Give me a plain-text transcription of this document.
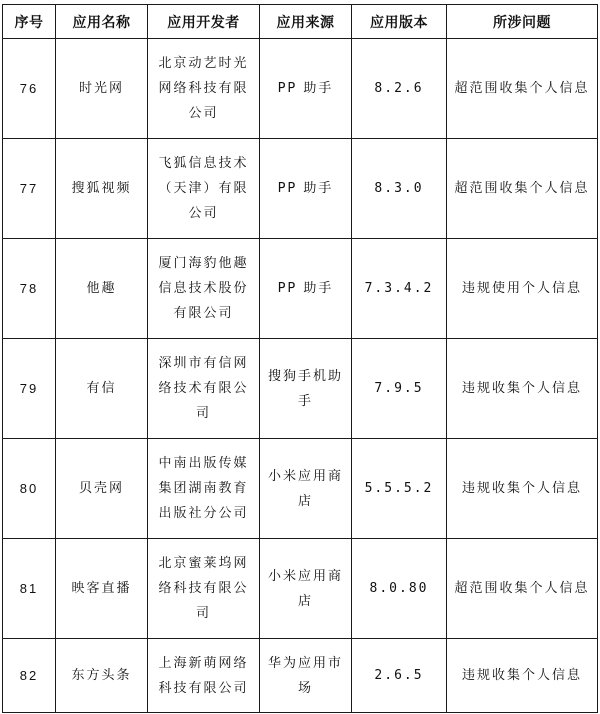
序号	应用名称	应用开发者	应用来源	应用版本	所涉问题
76	时光网	北京动艺时光
网络科技有限
公司	PP 助手	8.2.6	超范围收集个人信息
77	搜狐视频	飞狐信息技术
（天津）有限
公司	PP 助手	8.3.0	超范围收集个人信息
78	他趣	厦门海豹他趣
信息技术股份
有限公司	PP 助手	7.3.4.2	违规使用个人信息
79	有信	深圳市有信网
络技术有限公
司	搜狗手机助
手	7.9.5	违规收集个人信息
80	贝壳网	中南出版传媒
集团湖南教育
出版社分公司	小米应用商
店	5.5.5.2	违规收集个人信息
81	映客直播	北京蜜莱坞网
络科技有限公
司	小米应用商
店	8.0.80	超范围收集个人信息
82	东方头条	上海新萌网络
科技有限公司	华为应用市
场	2.6.5	违规收集个人信息
